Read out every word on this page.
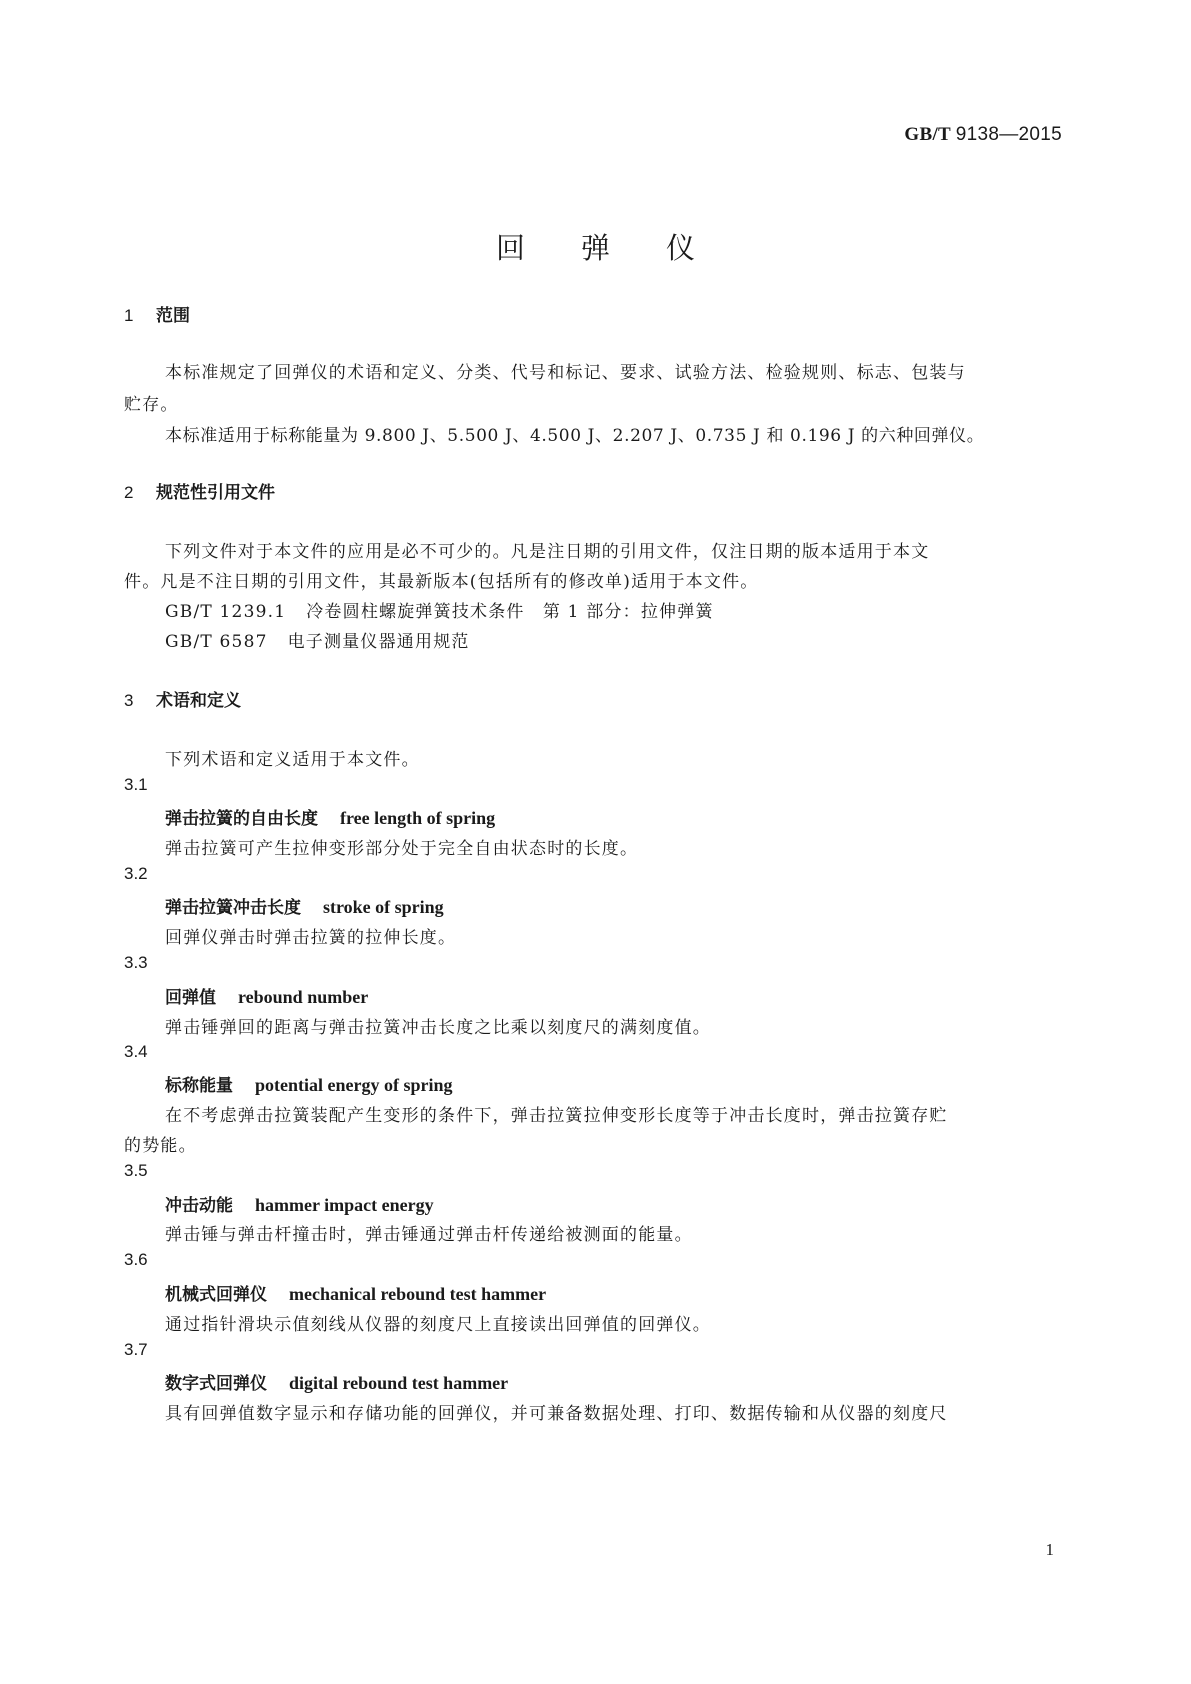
GB/T 9138—2015
回弹仪
1 范围
本标准规定了回弹仪的术语和定义、分类、代号和标记、要求、试验方法、检验规则、标志、包装与
贮存。
本标准适用于标称能量为 9.800 J、5.500 J、4.500 J、2.207 J、0.735 J 和 0.196 J 的六种回弹仪。
2 规范性引用文件
下列文件对于本文件的应用是必不可少的。凡是注日期的引用文件，仅注日期的版本适用于本文
件。凡是不注日期的引用文件，其最新版本(包括所有的修改单)适用于本文件。
GB/T 1239.1 冷卷圆柱螺旋弹簧技术条件　第 1 部分：拉伸弹簧
GB/T 6587 电子测量仪器通用规范
3 术语和定义
下列术语和定义适用于本文件。
3.1
弹击拉簧的自由长度 free length of spring
弹击拉簧可产生拉伸变形部分处于完全自由状态时的长度。
3.2
弹击拉簧冲击长度 stroke of spring
回弹仪弹击时弹击拉簧的拉伸长度。
3.3
回弹值 rebound number
弹击锤弹回的距离与弹击拉簧冲击长度之比乘以刻度尺的满刻度值。
3.4
标称能量 potential energy of spring
在不考虑弹击拉簧装配产生变形的条件下，弹击拉簧拉伸变形长度等于冲击长度时，弹击拉簧存贮
的势能。
3.5
冲击动能 hammer impact energy
弹击锤与弹击杆撞击时，弹击锤通过弹击杆传递给被测面的能量。
3.6
机械式回弹仪 mechanical rebound test hammer
通过指针滑块示值刻线从仪器的刻度尺上直接读出回弹值的回弹仪。
3.7
数字式回弹仪 digital rebound test hammer
具有回弹值数字显示和存储功能的回弹仪，并可兼备数据处理、打印、数据传输和从仪器的刻度尺
1
